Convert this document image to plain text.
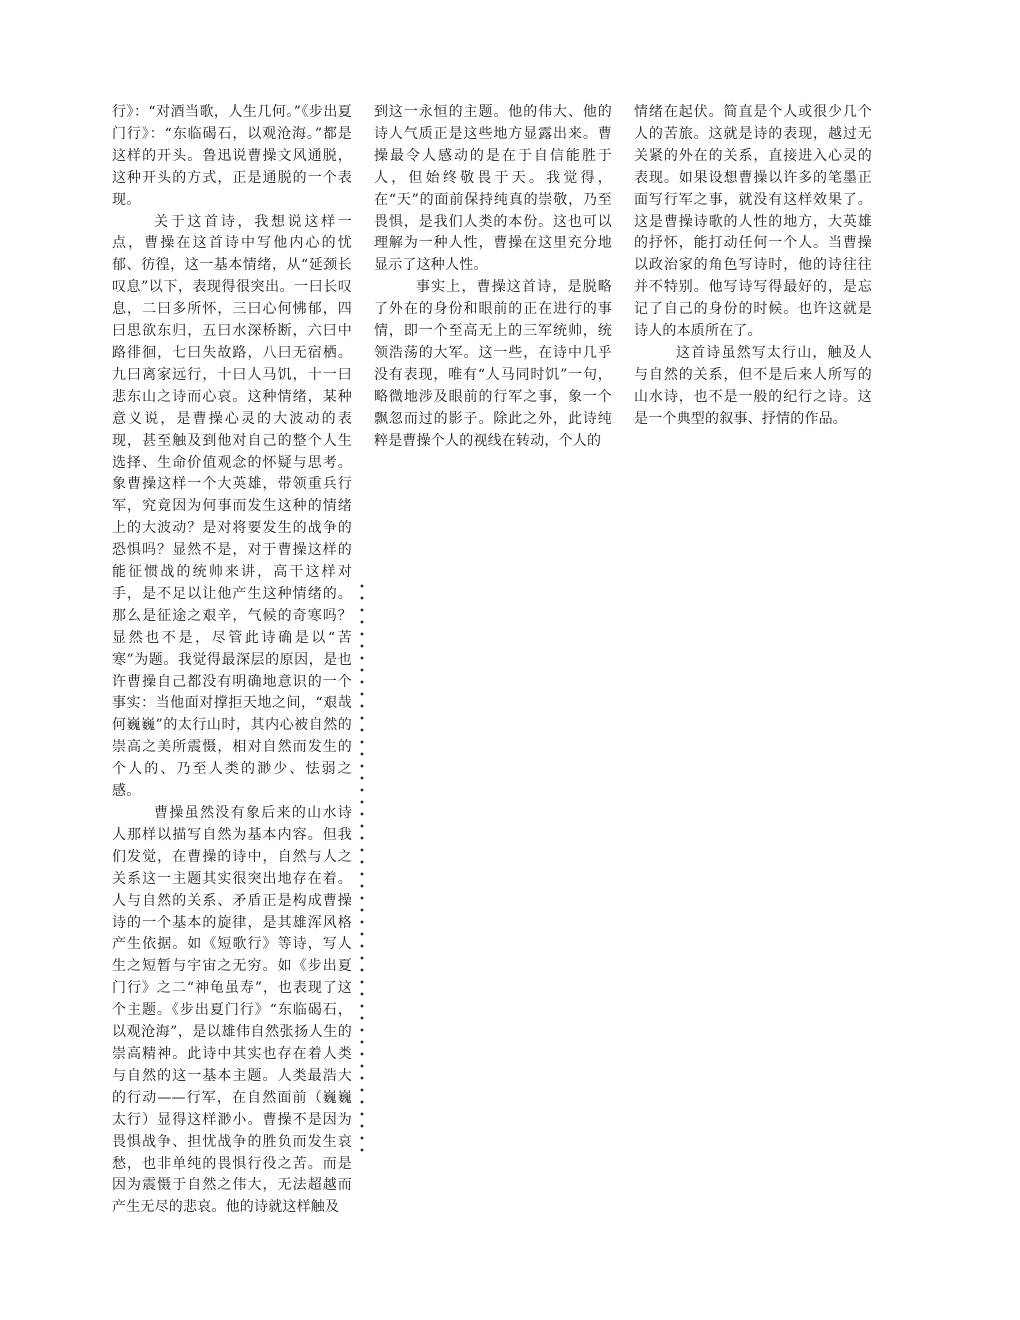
行》：“对酒当歌，人生几何。”《步出夏门行》：“东临碣石，以观沧海。”都是这样的开头。鲁迅说曹操文风通脱，这种开头的方式，正是通脱的一个表现。

关于这首诗，我想说这样一点，曹操在这首诗中写他内心的忧郁、彷徨，这一基本情绪，从“延颈长叹息”以下，表现得很突出。一曰长叹息，二曰多所怀，三曰心何怫郁，四曰思欲东归，五曰水深桥断，六曰中路徘徊，七曰失故路，八曰无宿栖。九曰离家远行，十曰人马饥，十一曰悲东山之诗而心哀。这种情绪，某种意义说，是曹操心灵的大波动的表现，甚至触及到他对自己的整个人生选择、生命价值观念的怀疑与思考。象曹操这样一个大英雄，带领重兵行军，究竟因为何事而发生这种的情绪上的大波动？是对将要发生的战争的恐惧吗？显然不是，对于曹操这样的能征惯战的统帅来讲，高干这样对手，是不足以让他产生这种情绪的。那么是征途之艰辛，气候的奇寒吗？显然也不是，尽管此诗确是以“苦寒”为题。我觉得最深层的原因，是也许曹操自己都没有明确地意识的一个事实：当他面对撑拒天地之间，“艰哉何巍巍”的太行山时，其内心被自然的崇高之美所震慑，相对自然而发生的个人的、乃至人类的渺少、怯弱之感。

曹操虽然没有象后来的山水诗人那样以描写自然为基本内容。但我们发觉，在曹操的诗中，自然与人之关系这一主题其实很突出地存在着。人与自然的关系、矛盾正是构成曹操诗的一个基本的旋律，是其雄浑风格产生依据。如《短歌行》等诗，写人生之短暂与宇宙之无穷。如《步出夏门行》之二“神龟虽寿”，也表现了这个主题。《步出夏门行》“东临碣石，以观沧海”，是以雄伟自然张扬人生的崇高精神。此诗中其实也存在着人类与自然的这一基本主题。人类最浩大的行动——行军，在自然面前（巍巍太行）显得这样渺小。曹操不是因为畏惧战争、担忧战争的胜负而发生哀愁，也非单纯的畏惧行役之苦。而是因为震慑于自然之伟大，无法超越而产生无尽的悲哀。他的诗就这样触及

到这一永恒的主题。他的伟大、他的诗人气质正是这些地方显露出来。曹操最令人感动的是在于自信能胜于人，但始终敬畏于天。我觉得，在“天”的面前保持纯真的崇敬，乃至畏惧，是我们人类的本份。这也可以理解为一种人性，曹操在这里充分地显示了这种人性。

事实上，曹操这首诗，是脱略了外在的身份和眼前的正在进行的事情，即一个至高无上的三军统帅，统领浩荡的大军。这一些，在诗中几乎没有表现，唯有“人马同时饥”一句，略微地涉及眼前的行军之事，象一个飘忽而过的影子。除此之外，此诗纯粹是曹操个人的视线在转动，个人的

情绪在起伏。简直是个人或很少几个人的苦旅。这就是诗的表现，越过无关紧的外在的关系，直接进入心灵的表现。如果设想曹操以许多的笔墨正面写行军之事，就没有这样效果了。这是曹操诗歌的人性的地方，大英雄的抒怀，能打动任何一个人。当曹操以政治家的角色写诗时，他的诗往往并不特别。他写诗写得最好的，是忘记了自己的身份的时候。也许这就是诗人的本质所在了。

这首诗虽然写太行山，触及人与自然的关系，但不是后来人所写的山水诗，也不是一般的纪行之诗。这是一个典型的叙事、抒情的作品。
